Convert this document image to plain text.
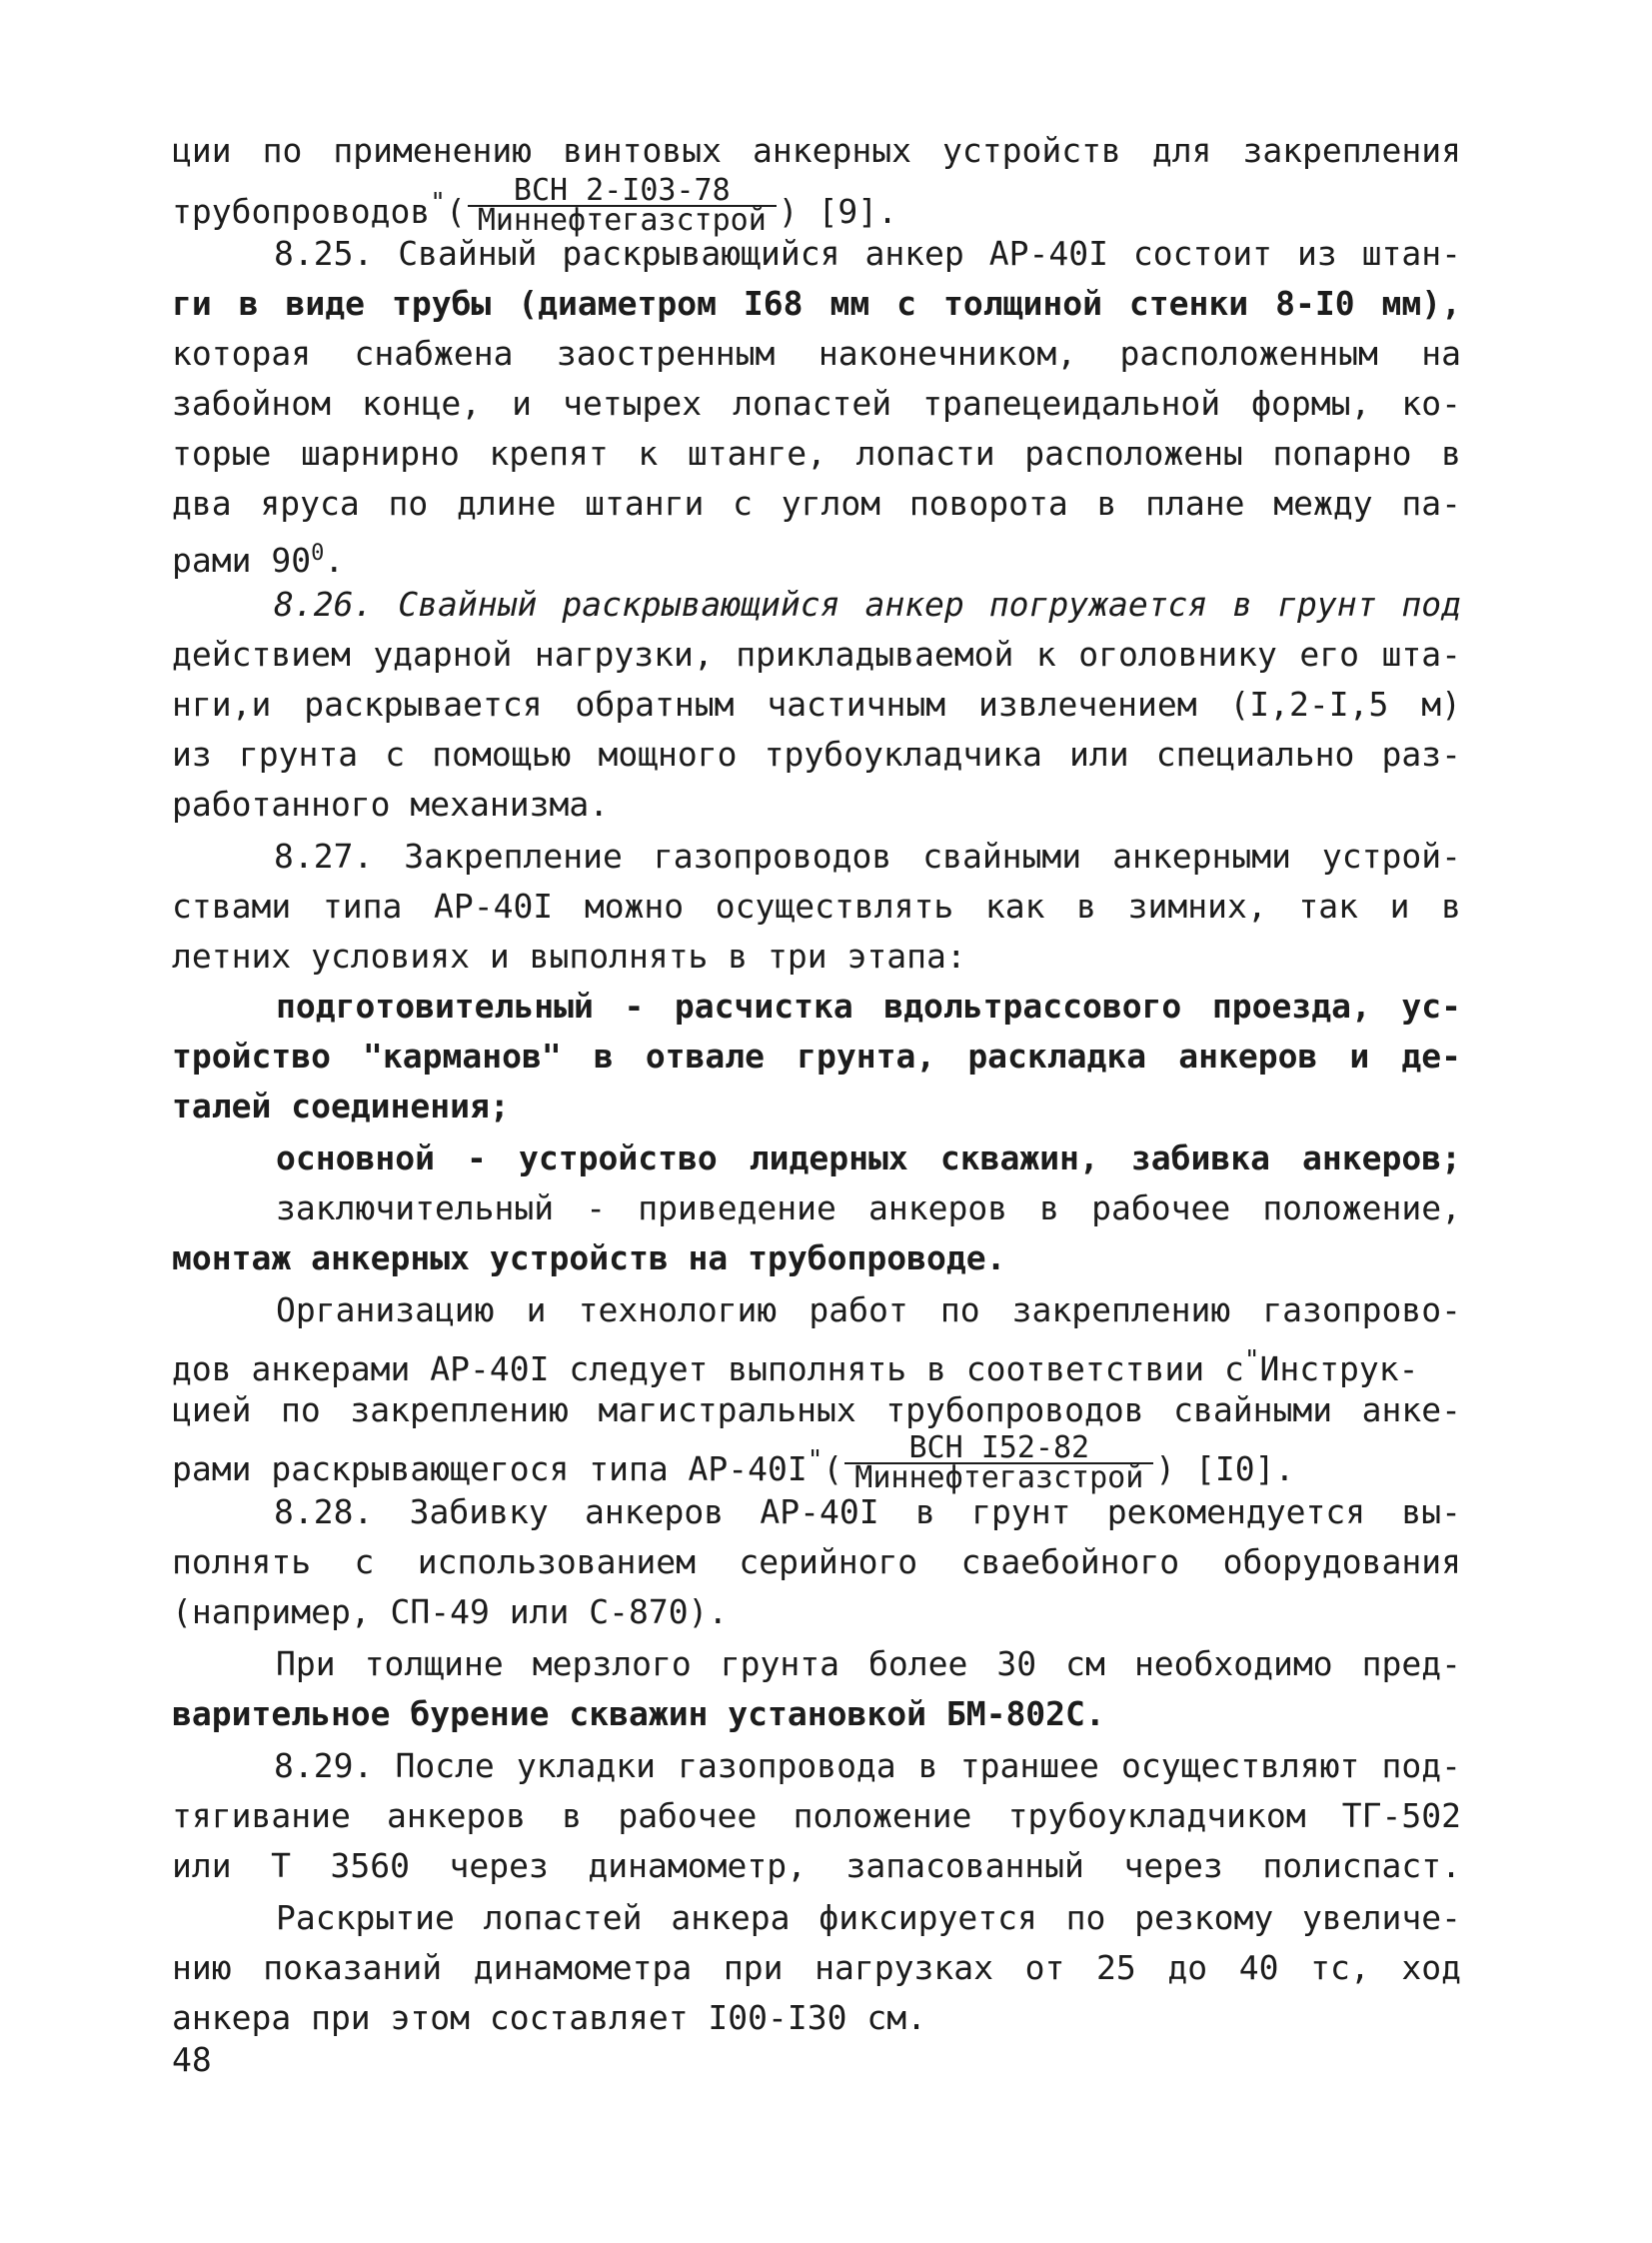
ции по применению винтовых анкерных устройств для закрепления
трубопроводов"( $\frac{\text{ВСН 2-I03-78}}{\text{Миннефтегазстрой}}$ ) [9].
8.25. Свайный раскрывающийся анкер АР-40I состоит из штан-
ги в виде трубы (диаметром I68 мм с толщиной стенки 8-I0 мм),
которая снабжена заостренным наконечником, расположенным на
забойном конце, и четырех лопастей трапецеидальной формы, ко-
торые шарнирно крепят к штанге, лопасти расположены попарно в
два яруса по длине штанги с углом поворота в плане между па-
рами $90^0$.
8.26. Свайный раскрывающийся анкер погружается в грунт под
действием ударной нагрузки, прикладываемой к оголовнику его шта-
нги,и раскрывается обратным частичным извлечением (I,2-I,5 м)
из грунта с помощью мощного трубоукладчика или специально раз-
работанного механизма.
8.27. Закрепление газопроводов свайными анкерными устрой-
ствами типа АР-40I можно осуществлять как в зимних, так и в
летних условиях и выполнять в три этапа:
подготовительный - расчистка вдольтрассового проезда, ус-
тройство "карманов" в отвале грунта, раскладка анкеров и де-
талей соединения;
основной - устройство лидерных скважин, забивка анкеров;
заключительный - приведение анкеров в рабочее положение,
монтаж анкерных устройств на трубопроводе.
Организацию и технологию работ по закреплению газопрово-
дов анкерами АР-40I следует выполнять в соответствии с"Инструк-
цией по закреплению магистральных трубопроводов свайными анке-
рами раскрывающегося типа $АР-40I^"( \frac{\text{ВСН I52-82}}{\text{Миннефтегазстрой}}$ ) [I0].
8.28. Забивку анкеров АР-40I в грунт рекомендуется вы-
полнять с использованием серийного сваебойного оборудования
(например, СП-49 или С-870).
При толщине мерзлого грунта более 30 см необходимо пред-
варительное бурение скважин установкой БМ-802С.
8.29. После укладки газопровода в траншее осуществляют под-
тягивание анкеров в рабочее положение трубоукладчиком ТГ-502
или Т 3560 через динамометр, запасованный через полиспаст.
Раскрытие лопастей анкера фиксируется по резкому увеличе-
нию показаний динамометра при нагрузках от 25 до 40 тс, ход
анкера при этом составляет I00-I30 см.
48
